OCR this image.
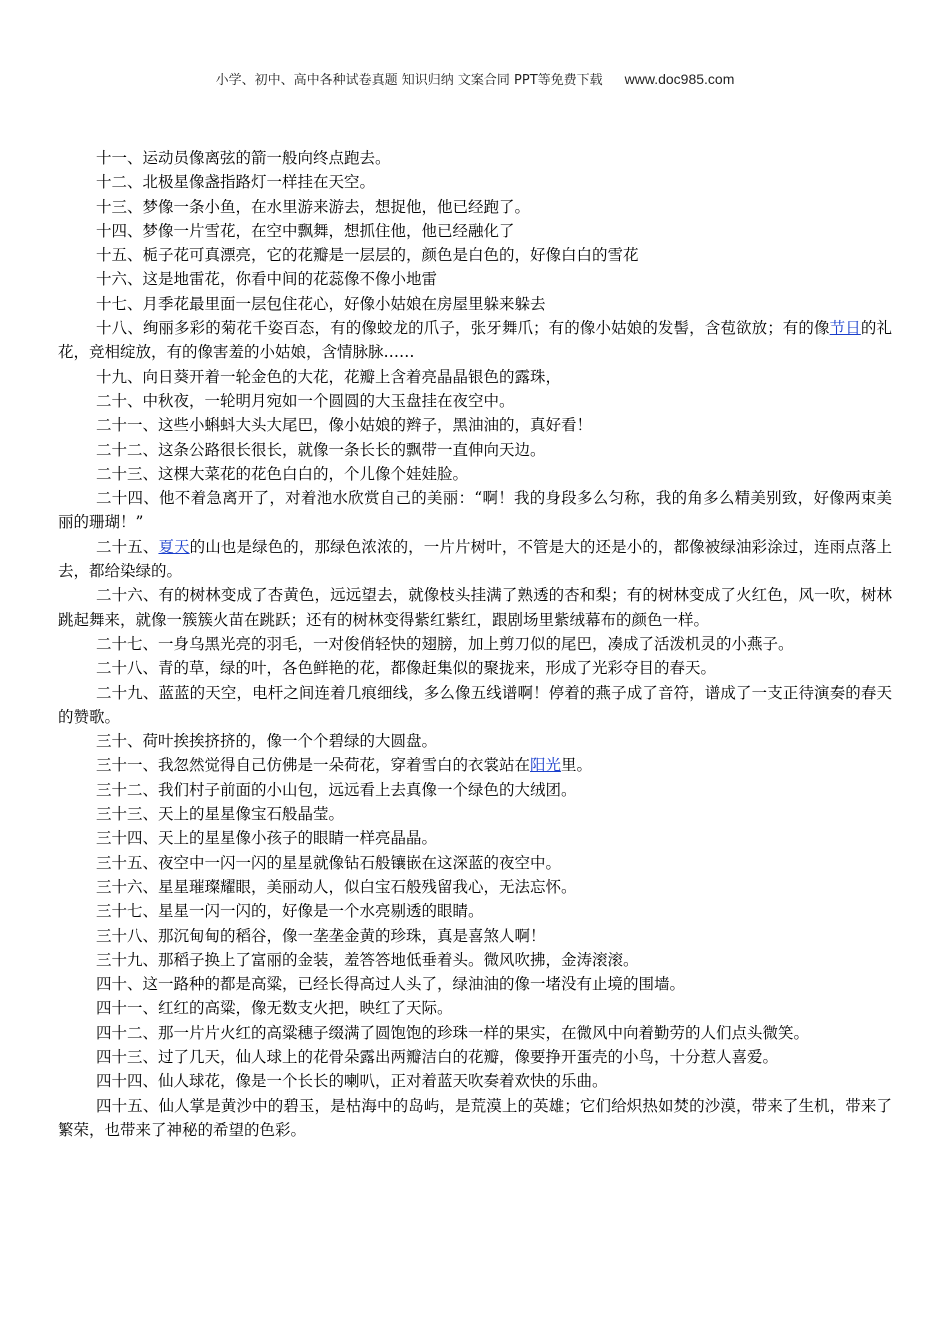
小学、初中、高中各种试卷真题 知识归纳 文案合同 PPT等免费下载 www.doc985.com

十一、运动员像离弦的箭一般向终点跑去。

十二、北极星像盏指路灯一样挂在天空。

十三、梦像一条小鱼，在水里游来游去，想捉他，他已经跑了。

十四、梦像一片雪花，在空中飘舞，想抓住他，他已经融化了

十五、栀子花可真漂亮，它的花瓣是一层层的，颜色是白色的，好像白白的雪花

十六、这是地雷花，你看中间的花蕊像不像小地雷

十七、月季花最里面一层包住花心，好像小姑娘在房屋里躲来躲去

十八、绚丽多彩的菊花千姿百态，有的像蛟龙的爪子，张牙舞爪；有的像小姑娘的发髻，含苞欲放；有的像节日的礼花，竞相绽放，有的像害羞的小姑娘，含情脉脉……

十九、向日葵开着一轮金色的大花，花瓣上含着亮晶晶银色的露珠，

二十、中秋夜，一轮明月宛如一个圆圆的大玉盘挂在夜空中。

二十一、这些小蝌蚪大头大尾巴，像小姑娘的辫子，黑油油的，真好看！

二十二、这条公路很长很长，就像一条长长的飘带一直伸向天边。

二十三、这棵大菜花的花色白白的，个儿像个娃娃脸。

二十四、他不着急离开了，对着池水欣赏自己的美丽：“啊！我的身段多么匀称，我的角多么精美别致，好像两束美丽的珊瑚！”

二十五、夏天的山也是绿色的，那绿色浓浓的，一片片树叶，不管是大的还是小的，都像被绿油彩涂过，连雨点落上去，都给染绿的。

二十六、有的树林变成了杏黄色，远远望去，就像枝头挂满了熟透的杏和梨；有的树林变成了火红色，风一吹，树林跳起舞来，就像一簇簇火苗在跳跃；还有的树林变得紫红紫红，跟剧场里紫绒幕布的颜色一样。

二十七、一身乌黑光亮的羽毛，一对俊俏轻快的翅膀，加上剪刀似的尾巴，凑成了活泼机灵的小燕子。

二十八、青的草，绿的叶，各色鲜艳的花，都像赶集似的聚拢来，形成了光彩夺目的春天。

二十九、蓝蓝的天空，电杆之间连着几痕细线，多么像五线谱啊！停着的燕子成了音符，谱成了一支正待演奏的春天的赞歌。

三十、荷叶挨挨挤挤的，像一个个碧绿的大圆盘。

三十一、我忽然觉得自己仿佛是一朵荷花，穿着雪白的衣裳站在阳光里。

三十二、我们村子前面的小山包，远远看上去真像一个绿色的大绒团。

三十三、天上的星星像宝石般晶莹。

三十四、天上的星星像小孩子的眼睛一样亮晶晶。

三十五、夜空中一闪一闪的星星就像钻石般镶嵌在这深蓝的夜空中。

三十六、星星璀璨耀眼，美丽动人，似白宝石般残留我心，无法忘怀。

三十七、星星一闪一闪的，好像是一个水亮剔透的眼睛。

三十八、那沉甸甸的稻谷，像一垄垄金黄的珍珠，真是喜煞人啊！

三十九、那稻子换上了富丽的金装，羞答答地低垂着头。微风吹拂，金涛滚滚。

四十、这一路种的都是高粱，已经长得高过人头了，绿油油的像一堵没有止境的围墙。

四十一、红红的高粱，像无数支火把，映红了天际。

四十二、那一片片火红的高粱穗子缀满了圆饱饱的珍珠一样的果实，在微风中向着勤劳的人们点头微笑。

四十三、过了几天，仙人球上的花骨朵露出两瓣洁白的花瓣，像要挣开蛋壳的小鸟，十分惹人喜爱。

四十四、仙人球花，像是一个长长的喇叭，正对着蓝天吹奏着欢快的乐曲。

四十五、仙人掌是黄沙中的碧玉，是枯海中的岛屿，是荒漠上的英雄；它们给炽热如焚的沙漠，带来了生机，带来了繁荣，也带来了神秘的希望的色彩。
